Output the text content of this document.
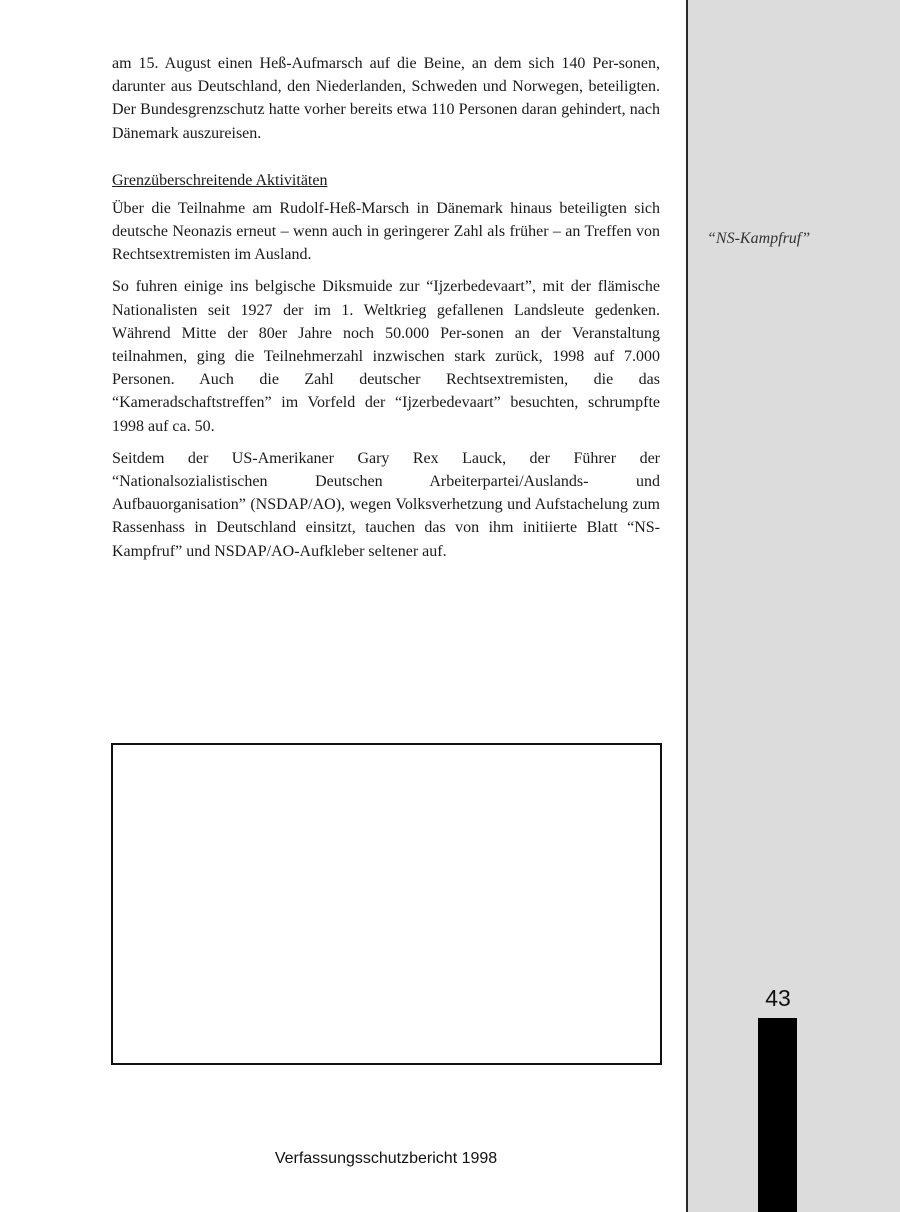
am 15. August einen Heß-Aufmarsch auf die Beine, an dem sich 140 Per-sonen, darunter aus Deutschland, den Niederlanden, Schweden und Norwegen, beteiligten. Der Bundesgrenzschutz hatte vorher bereits etwa 110 Personen daran gehindert, nach Dänemark auszureisen.

Grenzüberschreitende Aktivitäten

Über die Teilnahme am Rudolf-Heß-Marsch in Dänemark hinaus beteiligten sich deutsche Neonazis erneut – wenn auch in geringerer Zahl als früher – an Treffen von Rechtsextremisten im Ausland.

So fuhren einige ins belgische Diksmuide zur “Ijzerbedevaart”, mit der flämische Nationalisten seit 1927 der im 1. Weltkrieg gefallenen Landsleute gedenken. Während Mitte der 80er Jahre noch 50.000 Per-sonen an der Veranstaltung teilnahmen, ging die Teilnehmerzahl inzwischen stark zurück, 1998 auf 7.000 Personen. Auch die Zahl deutscher Rechtsextremisten, die das “Kameradschaftstreffen” im Vorfeld der “Ijzerbedevaart” besuchten, schrumpfte 1998 auf ca. 50.

Seitdem der US-Amerikaner Gary Rex Lauck, der Führer der “Nationalsozialistischen Deutschen Arbeiterpartei/Auslands- und Aufbauorganisation” (NSDAP/AO), wegen Volksverhetzung und Aufstachelung zum Rassenhass in Deutschland einsitzt, tauchen das von ihm initiierte Blatt “NS-Kampfruf” und NSDAP/AO-Aufkleber seltener auf.

“NS-Kampfruf”
43
Verfassungsschutzbericht 1998
